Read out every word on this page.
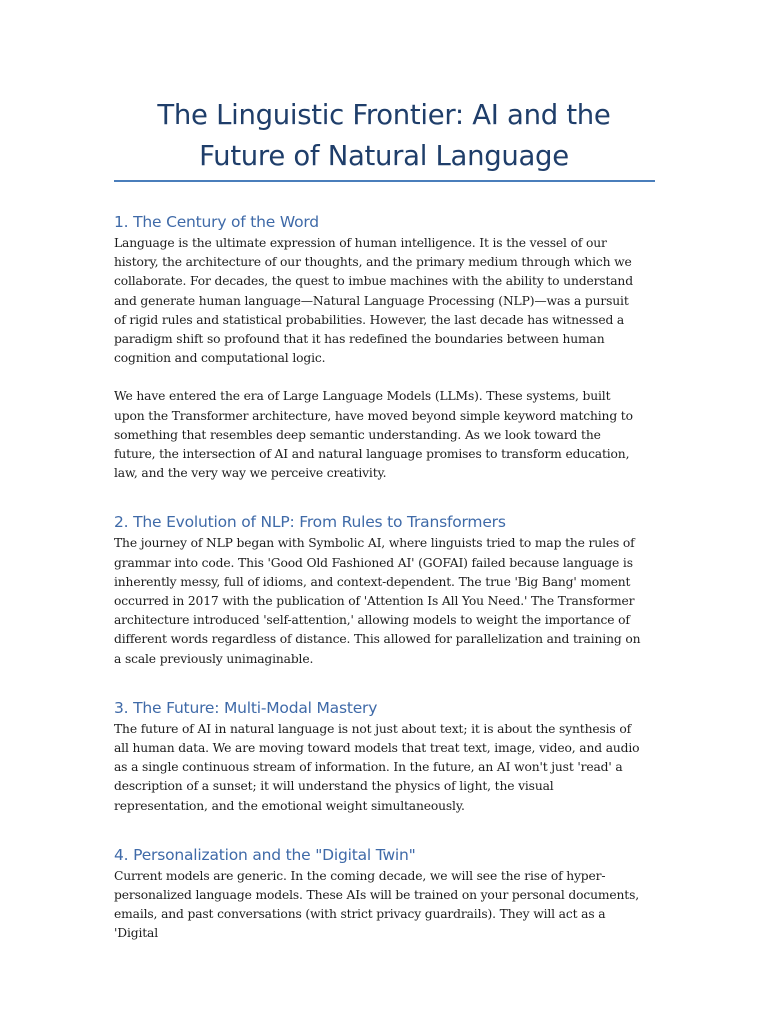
The Linguistic Frontier: AI and the Future of Natural Language
1. The Century of the Word

Language is the ultimate expression of human intelligence. It is the vessel of our history, the architecture of our thoughts, and the primary medium through which we collaborate. For decades, the quest to imbue machines with the ability to understand and generate human language—Natural Language Processing (NLP)—was a pursuit of rigid rules and statistical probabilities. However, the last decade has witnessed a paradigm shift so profound that it has redefined the boundaries between human cognition and computational logic.

We have entered the era of Large Language Models (LLMs). These systems, built upon the Transformer architecture, have moved beyond simple keyword matching to something that resembles deep semantic understanding. As we look toward the future, the intersection of AI and natural language promises to transform education, law, and the very way we perceive creativity.

2. The Evolution of NLP: From Rules to Transformers

The journey of NLP began with Symbolic AI, where linguists tried to map the rules of grammar into code. This 'Good Old Fashioned AI' (GOFAI) failed because language is inherently messy, full of idioms, and context-dependent. The true 'Big Bang' moment occurred in 2017 with the publication of 'Attention Is All You Need.' The Transformer architecture introduced 'self-attention,' allowing models to weight the importance of different words regardless of distance. This allowed for parallelization and training on a scale previously unimaginable.

3. The Future: Multi-Modal Mastery

The future of AI in natural language is not just about text; it is about the synthesis of all human data. We are moving toward models that treat text, image, video, and audio as a single continuous stream of information. In the future, an AI won't just 'read' a description of a sunset; it will understand the physics of light, the visual representation, and the emotional weight simultaneously.

4. Personalization and the "Digital Twin"

Current models are generic. In the coming decade, we will see the rise of hyper-personalized language models. These AIs will be trained on your personal documents, emails, and past conversations (with strict privacy guardrails). They will act as a 'Digital
